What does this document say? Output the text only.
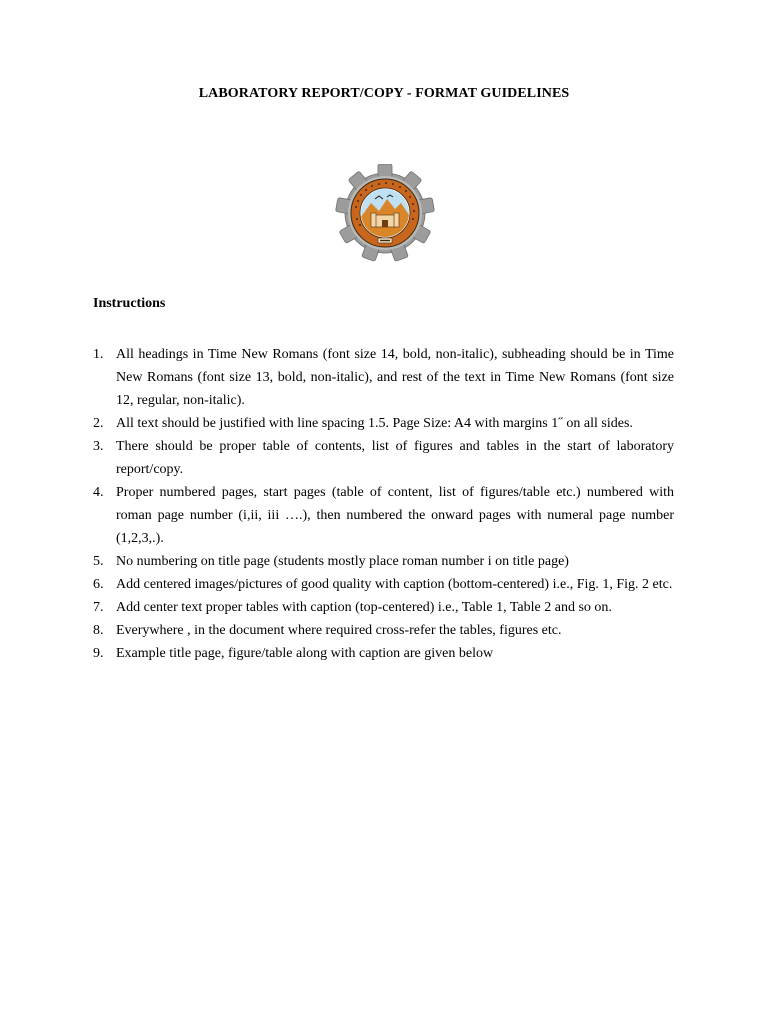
LABORATORY REPORT/COPY - FORMAT GUIDELINES
Instructions
1. All headings in Time New Romans (font size 14, bold, non-italic), subheading should be in Time New Romans (font size 13, bold, non-italic), and rest of the text in Time New Romans (font size 12, regular, non-italic).
2. All text should be justified with line spacing 1.5. Page Size: A4 with margins 1˝ on all sides.
3. There should be proper table of contents, list of figures and tables in the start of laboratory report/copy.
4. Proper numbered pages, start pages (table of content, list of figures/table etc.) numbered with roman page number (i,ii, iii ….), then numbered the onward pages with numeral page number (1,2,3,.).
5. No numbering on title page (students mostly place roman number i on title page)
6. Add centered images/pictures of good quality with caption (bottom-centered) i.e., Fig. 1, Fig. 2 etc.
7. Add center text proper tables with caption (top-centered) i.e., Table 1, Table 2 and so on.
8. Everywhere , in the document where required cross-refer the tables, figures etc.
9. Example title page, figure/table along with caption are given below
